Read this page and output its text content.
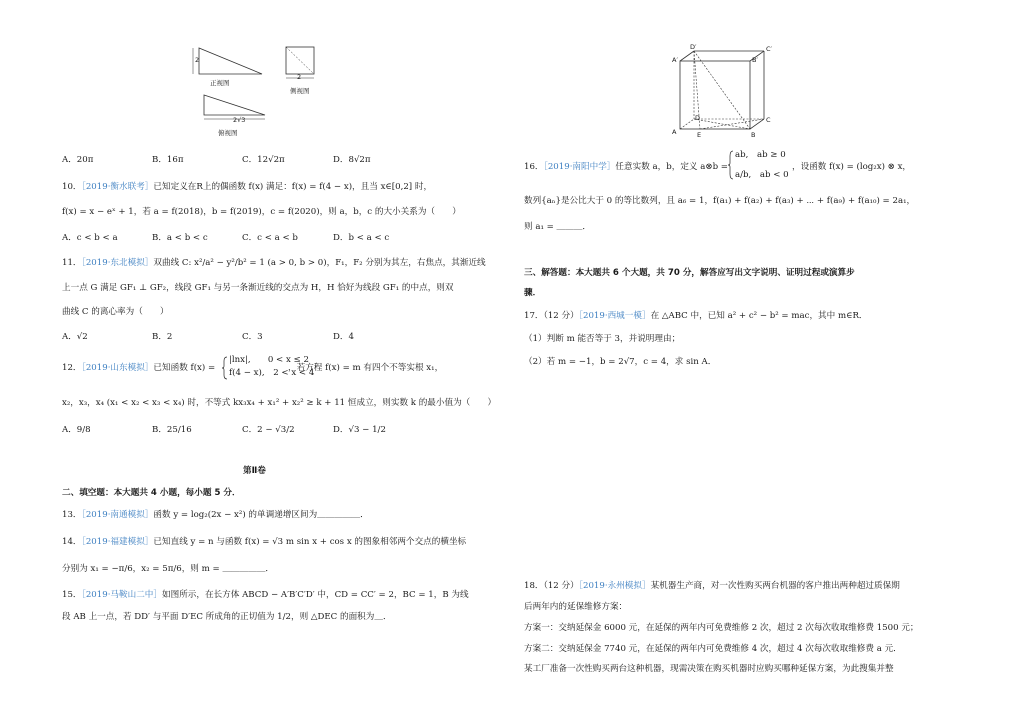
2
正视图
2
侧视图
2√3
俯视图
A．20π	B．16π	C．12√2π	D．8√2π
10．［2019·衡水联考］已知定义在R上的偶函数 f(x) 满足：f(x) = f(4 − x)，且当 x∈[0,2] 时，
f(x) = x − eˣ + 1，若 a = f(2018)，b = f(2019)，c = f(2020)，则 a，b，c 的大小关系为（　　）
A．c < b < a	B．a < b < c	C．c < a < b	D．b < a < c
11．［2019·东北模拟］双曲线 C: x²/a² − y²/b² = 1 (a > 0, b > 0)，F₁，F₂ 分别为其左，右焦点，其渐近线
上一点 G 满足 GF₁ ⊥ GF₂，线段 GF₁ 与另一条渐近线的交点为 H，H 恰好为线段 GF₁ 的中点，则双
曲线 C 的离心率为（　　）
A．√2	B．2	C．3	D．4
12．［2019·山东模拟］已知函数 f(x) =
|lnx|,　　0 < x ≤ 2
f(4 − x),　2 < x < 4
，若方程 f(x) = m 有四个不等实根 x₁，
x₂，x₃，x₄ (x₁ < x₂ < x₃ < x₄) 时，不等式 kx₃x₄ + x₁² + x₂² ≥ k + 11 恒成立，则实数 k 的最小值为（　　）
A．9/8	B．25/16	C．2 − √3/2	D．√3 − 1/2
第Ⅱ卷
二、填空题：本大题共 4 小题，每小题 5 分．
13．［2019·南通模拟］函数 y = log₂(2x − x²) 的单调递增区间为＿＿＿＿＿．
14．［2019·福建模拟］已知直线 y = n 与函数 f(x) = √3 m sin x + cos x 的图象相邻两个交点的横坐标
分别为 x₁ = −π/6，x₂ = 5π/6，则 m = ＿＿＿＿＿．
15．［2019·马鞍山二中］如图所示，在长方体 ABCD − A′B′C′D′ 中，CD = CC′ = 2，BC = 1，B 为线
段 AB 上一点，若 DD′ 与平面 D′EC 所成角的正切值为 1/2，则 △DEC 的面积为＿．
D′	C′
A′	B′
D	C
A	E	B
16．［2019·南阳中学］任意实数 a，b，定义 a⊗b =
ab,　ab ≥ 0
a/b,　ab < 0
，设函数 f(x) = (log₂x) ⊗ x，
数列{aₙ}是公比大于 0 的等比数列，且 a₆ = 1，f(a₁) + f(a₂) + f(a₃) + ⋯ + f(a₉) + f(a₁₀) = 2a₁，
则 a₁ = ＿＿＿．
三、解答题：本大题共 6 个大题，共 70 分，解答应写出文字说明、证明过程或演算步
骤．
17．（12 分）［2019·西城一模］在 △ABC 中，已知 a² + c² − b² = mac，其中 m∈R．
（1）判断 m 能否等于 3，并说明理由；
（2）若 m = −1，b = 2√7，c = 4，求 sin A．
18．（12 分）［2019·永州模拟］某机器生产商，对一次性购买两台机器的客户推出两种超过质保期
后两年内的延保维修方案：
方案一：交纳延保金 6000 元，在延保的两年内可免费维修 2 次，超过 2 次每次收取维修费 1500 元；
方案二：交纳延保金 7740 元，在延保的两年内可免费维修 4 次，超过 4 次每次收取维修费 a 元．
某工厂准备一次性购买两台这种机器，现需决策在购买机器时应购买哪种延保方案，为此搜集并整
